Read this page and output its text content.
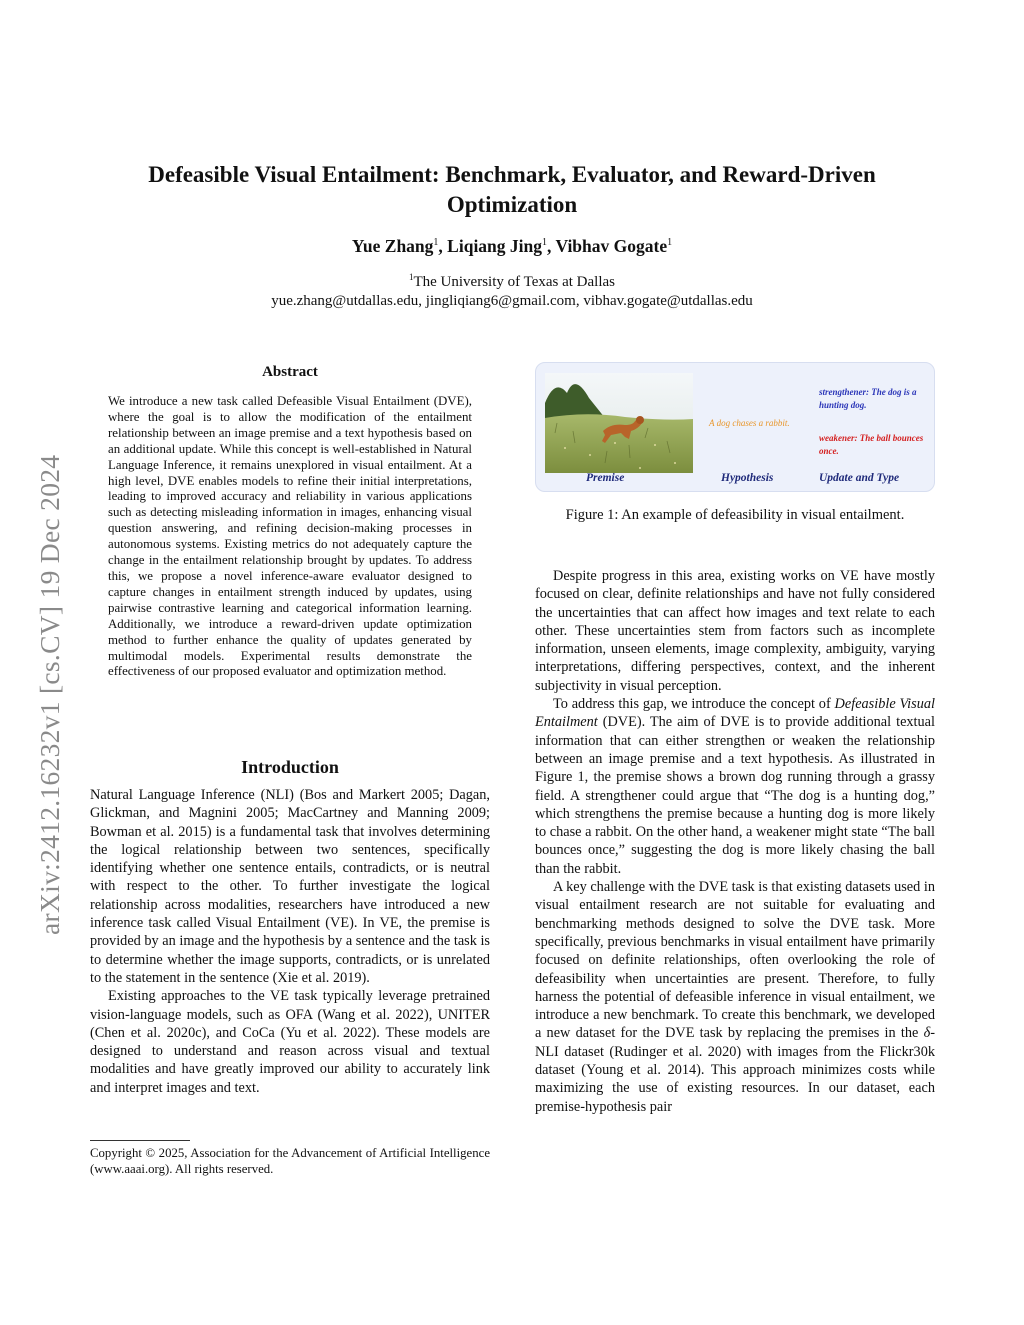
arXiv:2412.16232v1 [cs.CV] 19 Dec 2024
Defeasible Visual Entailment: Benchmark, Evaluator, and Reward-Driven Optimization
Yue Zhang$^1$, Liqiang Jing$^1$, Vibhav Gogate$^1$
$^1$The University of Texas at Dallas
yue.zhang@utdallas.edu, jingliqiang6@gmail.com, vibhav.gogate@utdallas.edu
Abstract

We introduce a new task called Defeasible Visual Entailment (DVE), where the goal is to allow the modification of the entailment relationship between an image premise and a text hypothesis based on an additional update. While this concept is well-established in Natural Language Inference, it remains unexplored in visual entailment. At a high level, DVE enables models to refine their initial interpretations, leading to improved accuracy and reliability in various applications such as detecting misleading information in images, enhancing visual question answering, and refining decision-making processes in autonomous systems. Existing metrics do not adequately capture the change in the entailment relationship brought by updates. To address this, we propose a novel inference-aware evaluator designed to capture changes in entailment strength induced by updates, using pairwise contrastive learning and categorical information learning. Additionally, we introduce a reward-driven update optimization method to further enhance the quality of updates generated by multimodal models. Experimental results demonstrate the effectiveness of our proposed evaluator and optimization method.

Introduction

Natural Language Inference (NLI) (Bos and Markert 2005; Dagan, Glickman, and Magnini 2005; MacCartney and Manning 2009; Bowman et al. 2015) is a fundamental task that involves determining the logical relationship between two sentences, specifically identifying whether one sentence entails, contradicts, or is neutral with respect to the other. To further investigate the logical relationship across modalities, researchers have introduced a new inference task called Visual Entailment (VE). In VE, the premise is provided by an image and the hypothesis by a sentence and the task is to determine whether the image supports, contradicts, or is unrelated to the statement in the sentence (Xie et al. 2019).

Existing approaches to the VE task typically leverage pretrained vision-language models, such as OFA (Wang et al. 2022), UNITER (Chen et al. 2020c), and CoCa (Yu et al. 2022). These models are designed to understand and reason across visual and textual modalities and have greatly improved our ability to accurately link and interpret images and text.

Copyright © 2025, Association for the Advancement of Artificial Intelligence (www.aaai.org). All rights reserved.
A dog chases a rabbit.
strengthener: The dog is a hunting dog.
weakener: The ball bounces once.
Premise	Hypothesis	Update and Type
Figure 1: An example of defeasibility in visual entailment.

Despite progress in this area, existing works on VE have mostly focused on clear, definite relationships and have not fully considered the uncertainties that can affect how images and text relate to each other. These uncertainties stem from factors such as incomplete information, unseen elements, image complexity, ambiguity, varying interpretations, differing perspectives, context, and the inherent subjectivity in visual perception.

To address this gap, we introduce the concept of Defeasible Visual Entailment (DVE). The aim of DVE is to provide additional textual information that can either strengthen or weaken the relationship between an image premise and a text hypothesis. As illustrated in Figure 1, the premise shows a brown dog running through a grassy field. A strengthener could argue that “The dog is a hunting dog,” which strengthens the premise because a hunting dog is more likely to chase a rabbit. On the other hand, a weakener might state “The ball bounces once,” suggesting the dog is more likely chasing the ball than the rabbit.

A key challenge with the DVE task is that existing datasets used in visual entailment research are not suitable for evaluating and benchmarking methods designed to solve the DVE task. More specifically, previous benchmarks in visual entailment have primarily focused on definite relationships, often overlooking the role of defeasibility when uncertainties are present. Therefore, to fully harness the potential of defeasible inference in visual entailment, we introduce a new benchmark. To create this benchmark, we developed a new dataset for the DVE task by replacing the premises in the δ-NLI dataset (Rudinger et al. 2020) with images from the Flickr30k dataset (Young et al. 2014). This approach minimizes costs while maximizing the use of existing resources. In our dataset, each premise-hypothesis pair
